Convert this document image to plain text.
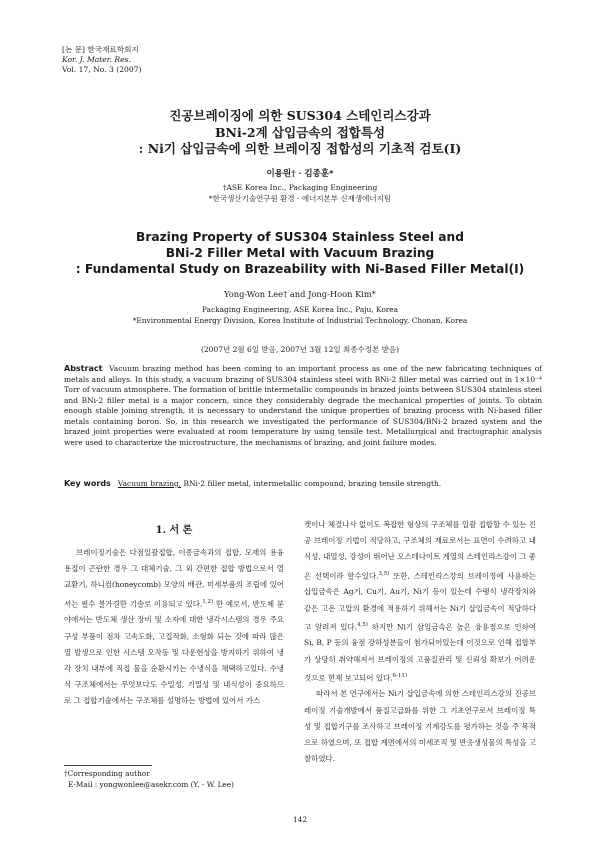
[논 문] 한국재료학회지
Kor. J. Mater. Res.
Vol. 17, No. 3 (2007)
진공브레이징에 의한 SUS304 스테인리스강과
BNi-2계 삽입금속의 접합특성
: Ni기 삽입금속에 의한 브레이징 접합성의 기초적 검토(I)
이용원† · 김종훈*
†ASE Korea Inc., Packaging Engineering
*한국생산기술연구원 환경 · 에너지본부 신재생에너지팀
Brazing Property of SUS304 Stainless Steel and
BNi-2 Filler Metal with Vacuum Brazing
: Fundamental Study on Brazeability with Ni-Based Filler Metal(I)
Yong-Won Lee† and Jong-Hoon Kim*
Packaging Engineering, ASE Korea Inc., Paju, Korea
*Environmental Energy Division, Korea Institute of Industrial Technology, Chonan, Korea
(2007년 2월 6일 받음, 2007년 3월 12일 최종수정본 받음)
Abstract Vacuum brazing method has been coming to an important process as one of the new fabricating techniques of metals and alloys. In this study, a vacuum brazing of SUS304 stainless steel with BNi-2 filler metal was carried out in 1×10⁻⁴ Torr of vacuum atmosphere. The formation of brittle intermetallic compounds in brazed joints between SUS304 stainless steel and BNi-2 filler metal is a major concern, since they considerably degrade the mechanical properties of joints. To obtain enough stable joining strength, it is necessary to understand the unique properties of brazing process with Ni-based filler metals containing boron. So, in this research we investigated the performance of SUS304/BNi-2 brazed system and the brazed joint properties were evaluated at room temperature by using tensile test. Metallurgical and fractographic analysis were used to characterize the microstructure, the mechanisms of brazing, and joint failure modes.
Key words Vacuum brazing, BNi-2 filler metal, intermetallic compound, brazing tensile strength.
1. 서 론

브레이징기술은 다점일괄접합, 이종금속과의 접합, 모재의 용융용접이 곤란한 경우 그 대체기술, 그 외 간편한 접합 방법으로서 열 교환기, 하니컴(honeycomb) 모양의 배관, 미세부품의 조립에 있어서는 필수 불가결한 기술로 이용되고 있다.$^{1,2)}$ 한 예로서, 반도체 분야에서는 반도체 생산 장비 및 소자에 대한 냉각시스템의 경우 주요 구성 부품이 점차 고속도화, 고집적화, 소형화 되는 것에 따라 많은 열 발생으로 인한 시스템 오작동 및 다운현상을 방지하기 위하여 냉각 장치 내부에 직접 물을 순환시키는 수냉식을 채택하고있다. 수냉식 구조체에서는 무엇보다도 수밀성, 기밀성 및 내식성이 중요하므로 그 접합기술에서는 구조체를 설명하는 방법에 있어서 가스

켓이나 체결나사 없이도 복잡한 형상의 구조체를 일괄 접합할 수 있는 진공 브레이징 기법이 적당하고, 구조체의 재료로서는 표면이 수려하고 내식성, 내열성, 강성이 뛰어난 오스테나이트 계열의 스테인리스강이 그 좋은 선택이라 할수있다.$^{3,5)}$ 또한, 스테인리스강의 브레이징에 사용하는 삽입금속은 Ag기, Cu기, Au기, Ni기 등이 있는데 수랭식 냉각장치와 같은 고온 고압의 환경에 적용하기 위해서는 Ni기 삽입금속이 적당하다고 알려져 있다.$^{4,5)}$ 하지만 Ni기 삽입금속은 높은 융용점으로 인하여 Si, B, P 등의 융점 강하성분들이 첨가되어있는데 이것으로 인해 접합부가 상당히 취약해져서 브레이징의 고품질관리 및 신뢰성 확보가 어려운 것으로 현재 보고되어 있다.$^{6-11)}$

따라서 본 연구에서는 Ni기 삽입금속에 의한 스테인리스강의 진공브레이징 기술개발에서 품질고급화를 위한 그 기초연구로서 브레이징 특성 및 접합기구를 조사하고 브레이징 기계강도를 평가하는 것을 주 목적으로 하였으며, 또 접합 계면에서의 미세조직 및 반응생성물의 특성을 고찰하였다.

†Corresponding author
E-Mail : yongwonlee@asekr.com (Y. - W. Lee)
142
